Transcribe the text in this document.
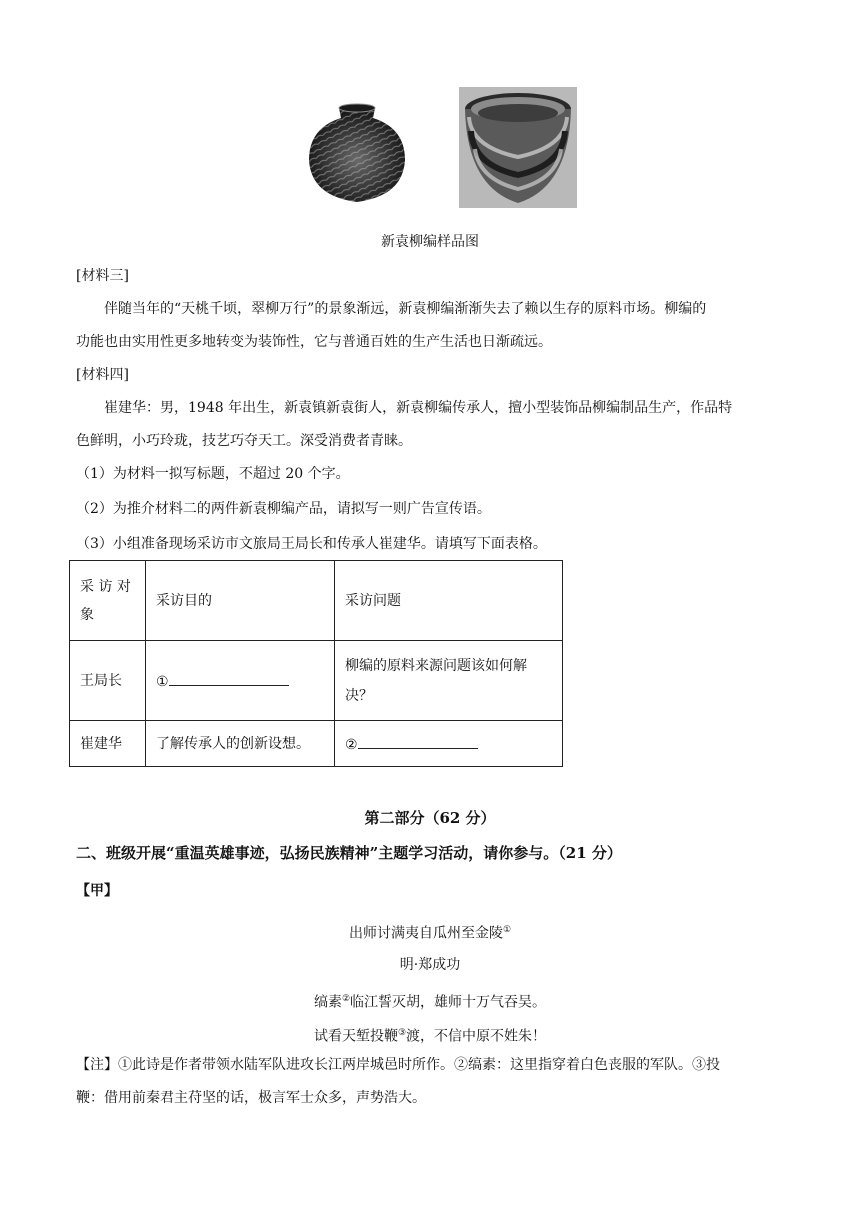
新袁柳编样品图
[材料三]
伴随当年的“天桃千顷，翠柳万行”的景象渐远，新袁柳编渐渐失去了赖以生存的原料市场。柳编的
功能也由实用性更多地转变为装饰性，它与普通百姓的生产生活也日渐疏远。
[材料四]
崔建华：男，1948 年出生，新袁镇新袁街人，新袁柳编传承人，擅小型装饰品柳编制品生产，作品特
色鲜明，小巧玲珑，技艺巧夺天工。深受消费者青睐。
（1）为材料一拟写标题，不超过 20 个字。
（2）为推介材料二的两件新袁柳编产品，请拟写一则广告宣传语。
（3）小组准备现场采访市文旅局王局长和传承人崔建华。请填写下面表格。
采 访 对
象	采访目的	采访问题
王局长	①	柳编的原料来源问题该如何解
决？

崔建华	了解传承人的创新设想。	②
第二部分（62 分）
二、班级开展“重温英雄事迹，弘扬民族精神”主题学习活动，请你参与。（21 分）
【甲】
出师讨满夷自瓜州至金陵①
明·郑成功
缟素②临江誓灭胡，雄师十万气吞吴。
试看天堑投鞭③渡，不信中原不姓朱！
【注】①此诗是作者带领水陆军队进攻长江两岸城邑时所作。②缟素：这里指穿着白色丧服的军队。③投
鞭：借用前秦君主苻坚的话，极言军士众多，声势浩大。
